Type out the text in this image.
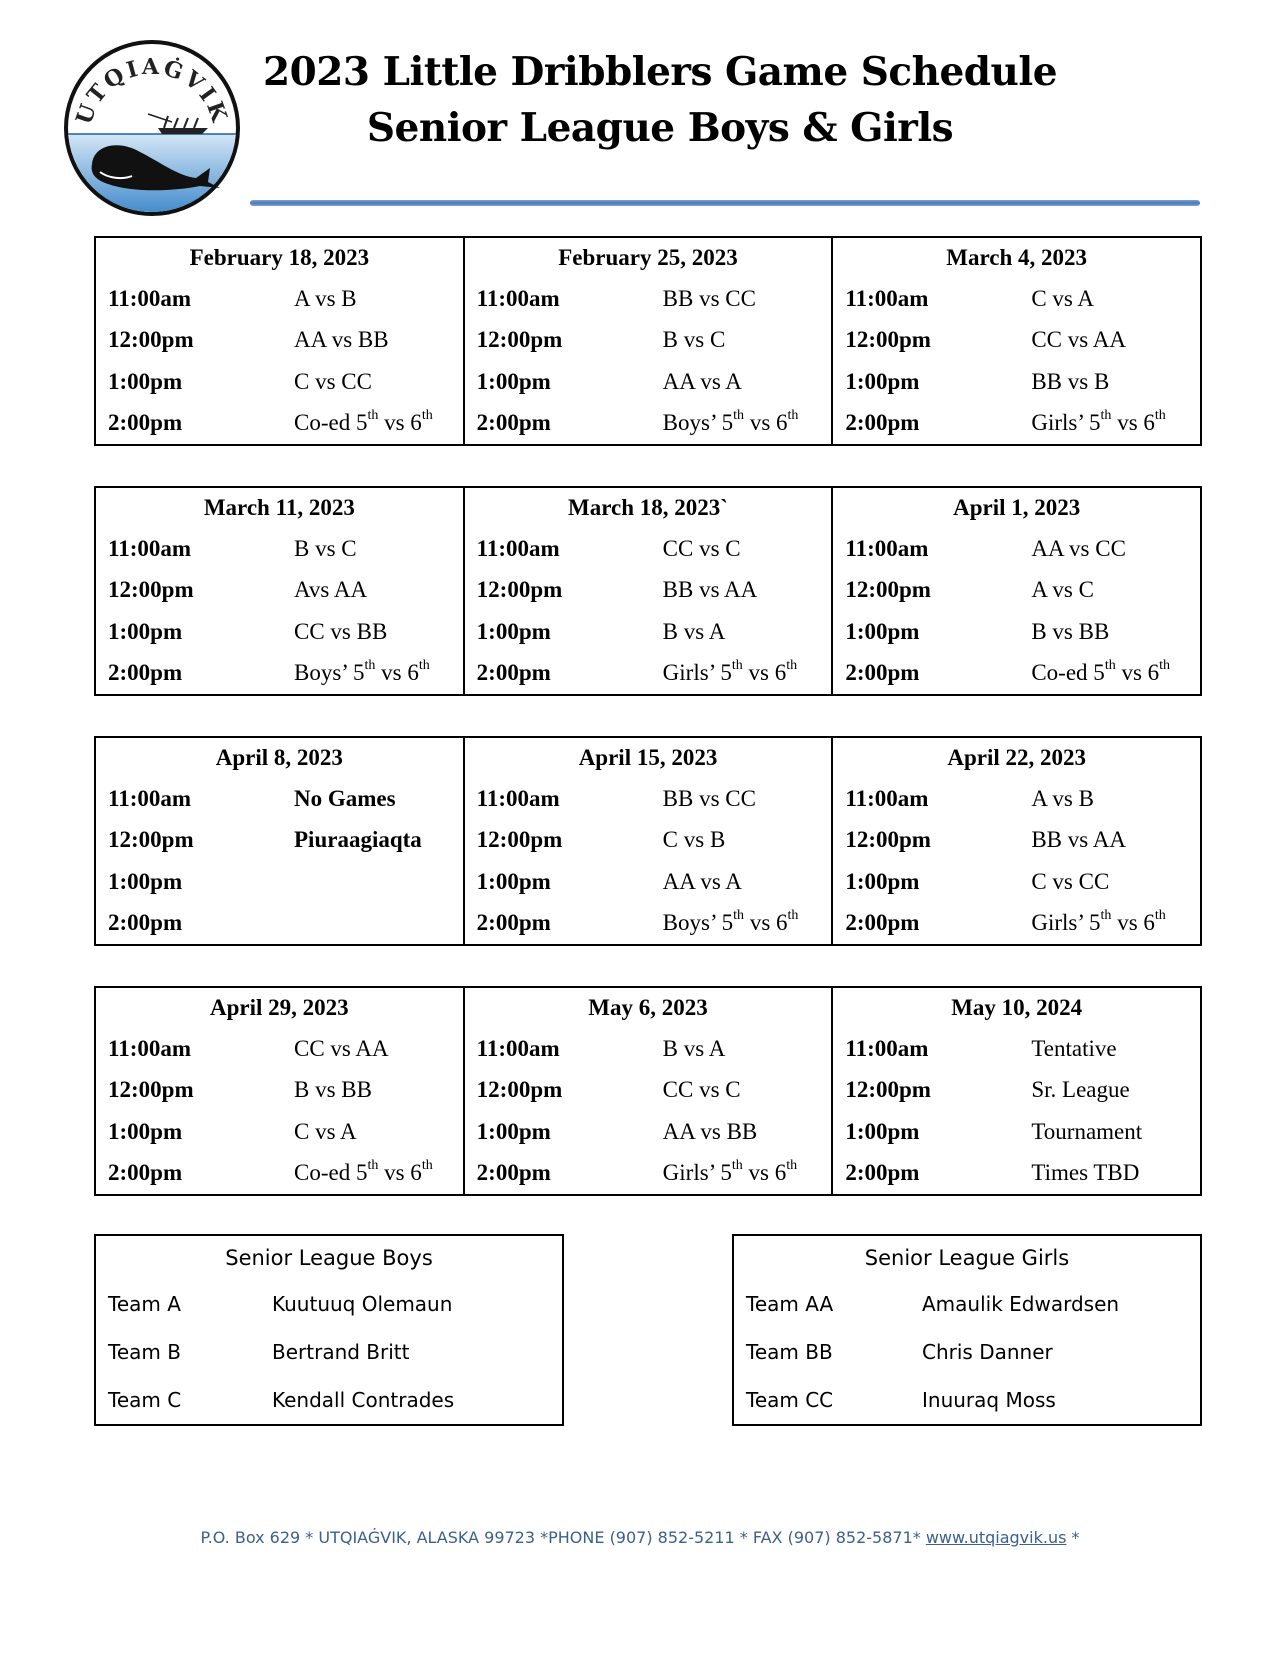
UTQIAĠVIK
2023 Little Dribblers Game Schedule
Senior League Boys & Girls
February 18, 2023
11:00am	A vs B
12:00pm	AA vs BB
1:00pm	C vs CC
2:00pm	Co-ed 5th vs 6th
February 25, 2023
11:00am	BB vs CC
12:00pm	B vs C
1:00pm	AA vs A
2:00pm	Boys’ 5th vs 6th
March 4, 2023
11:00am	C vs A
12:00pm	CC vs AA
1:00pm	BB vs B
2:00pm	Girls’ 5th vs 6th
March 11, 2023
11:00am	B vs C
12:00pm	Avs AA
1:00pm	CC vs BB
2:00pm	Boys’ 5th vs 6th
March 18, 2023`
11:00am	CC vs C
12:00pm	BB vs AA
1:00pm	B vs A
2:00pm	Girls’ 5th vs 6th
April 1, 2023
11:00am	AA vs CC
12:00pm	A vs C
1:00pm	B vs BB
2:00pm	Co-ed 5th vs 6th
April 8, 2023
11:00am	No Games
12:00pm	Piuraagiaqta
1:00pm
2:00pm
April 15, 2023
11:00am	BB vs CC
12:00pm	C vs B
1:00pm	AA vs A
2:00pm	Boys’ 5th vs 6th
April 22, 2023
11:00am	A vs B
12:00pm	BB vs AA
1:00pm	C vs CC
2:00pm	Girls’ 5th vs 6th
April 29, 2023
11:00am	CC vs AA
12:00pm	B vs BB
1:00pm	C vs A
2:00pm	Co-ed 5th vs 6th
May 6, 2023
11:00am	B vs A
12:00pm	CC vs C
1:00pm	AA vs BB
2:00pm	Girls’ 5th vs 6th
May 10, 2024
11:00am	Tentative
12:00pm	Sr. League
1:00pm	Tournament
2:00pm	Times TBD
Senior League Boys
Team A	Kuutuuq Olemaun
Team B	Bertrand Britt
Team C	Kendall Contrades
Senior League Girls
Team AA	Amaulik Edwardsen
Team BB	Chris Danner
Team CC	Inuuraq Moss
P.O. Box 629 * UTQIAĠVIK, ALASKA 99723 *PHONE (907) 852-5211 * FAX (907) 852-5871* www.utqiagvik.us *
